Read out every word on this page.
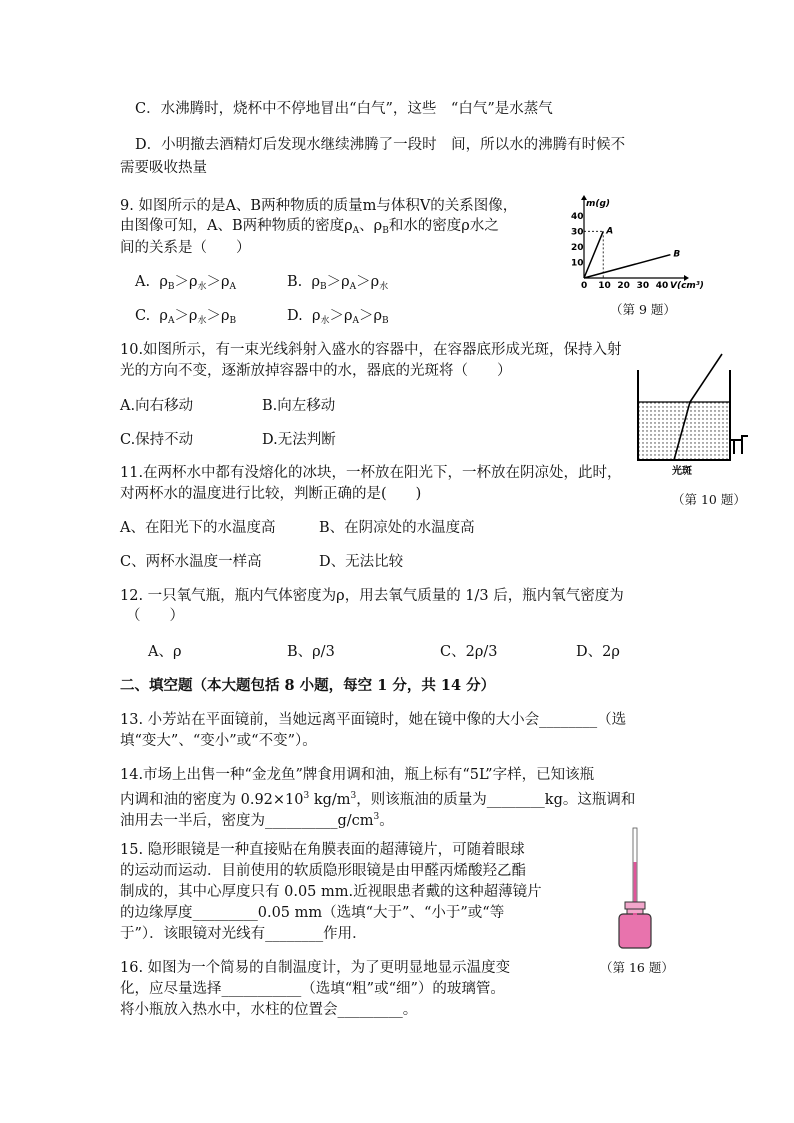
C．水沸腾时，烧杯中不停地冒出“白气”，这些　“白气”是水蒸气
D．小明撤去酒精灯后发现水继续沸腾了一段时　间，所以水的沸腾有时候不
需要吸收热量
9. 如图所示的是A、B两种物质的质量m与体积V的关系图像，
由图像可知，A、B两种物质的密度$\rho_A$、$\rho_B$和水的密度ρ水之
间的关系是（　　）
A. $\rho_B>\rho_水>\rho_A$	B. $\rho_B>\rho_A>\rho_水$
C. $\rho_A>\rho_水>\rho_B$	D. $\rho_水>\rho_A>\rho_B$
m(g)
V(cm³)
0 10 20 30 40
10
20
30
40
A
B
（第 9 题）
10.如图所示，有一束光线斜射入盛水的容器中，在容器底形成光斑，保持入射
光的方向不变，逐渐放掉容器中的水，器底的光斑将（　　）
A.向右移动	B.向左移动
C.保持不动	D.无法判断
光斑
（第 10 题）
11.在两杯水中都有没熔化的冰块，一杯放在阳光下，一杯放在阴凉处，此时，
对两杯水的温度进行比较，判断正确的是(　　)
A、在阳光下的水温度高	B、在阴凉处的水温度高
C、两杯水温度一样高	D、无法比较
12. 一只氧气瓶，瓶内气体密度为ρ，用去氧气质量的 1/3 后，瓶内氧气密度为
（　　）
A、ρ	B、ρ/3	C、2ρ/3	D、2ρ
二、填空题（本大题包括 8 小题，每空 1 分，共 14 分）
13. 小芳站在平面镜前，当她远离平面镜时，她在镜中像的大小会________（选
填“变大”、“变小”或“不变”）。
14.市场上出售一种“金龙鱼”牌食用调和油，瓶上标有“5L”字样，已知该瓶
内调和油的密度为 $0.92\times 10^3$ $kg/m^3$，则该瓶油的质量为________kg。这瓶调和
油用去一半后，密度为$\_\_\_\_\_\_\_\_\_\_g/cm^3$。
15. 隐形眼镜是一种直接贴在角膜表面的超薄镜片，可随着眼球
的运动而运动．目前使用的软质隐形眼镜是由甲醛丙烯酸羟乙酯
制成的，其中心厚度只有 0.05 mm.近视眼患者戴的这种超薄镜片
的边缘厚度_________0.05 mm（选填“大于”、“小于”或“等
于”）．该眼镜对光线有________作用．
16. 如图为一个简易的自制温度计，为了更明显地显示温度变
化，应尽量选择___________（选填“粗”或“细”）的玻璃管。
将小瓶放入热水中，水柱的位置会_________。
（第 16 题）
